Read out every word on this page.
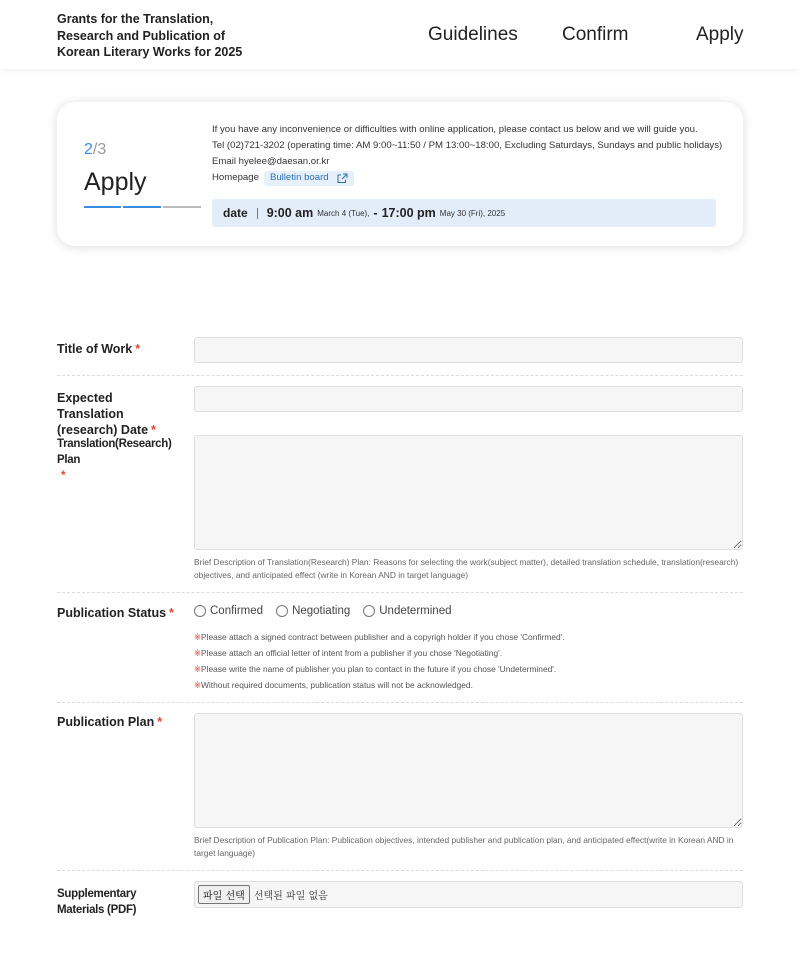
Grants for the Translation, Research and Publication of Korean Literary Works for 2025
Guidelines Confirm	Apply
2/3
Apply
If you have any inconvenience or difficulties with online application, please contact us below and we will guide you.
Tel (02)721-3202 (operating time: AM 9:00~11:50 / PM 13:00~18:00, Excluding Saturdays, Sundays and public holidays)
Email hyelee@daesan.or.kr
Homepage Bulletin board
date 9:00 am March 4 (Tue), - 17:00 pm May 30 (Fri), 2025
Title of Work *
Expected Translation (research) Date *
Translation(Research) Plan
*
Brief Description of Translation(Research) Plan: Reasons for selecting the work(subject matter), detailed translation schedule, translation(research) objectives, and anticipated effect (write in Korean AND in target language)
Publication Status *	Confirmed	Negotiating	Undetermined
※Please attach a signed contract between publisher and a copyrigh holder if you chose 'Confirmed'.
※Please attach an official letter of intent from a publisher if you chose 'Negotiating'.
※Please write the name of publisher you plan to contact in the future if you chose 'Undetermined'.
※Without required documents, publication status will not be acknowledged.
Publication Plan *
Brief Description of Publication Plan: Publication objectives, intended publisher and publication plan, and anticipated effect(write in Korean AND in target language)
Supplementary Materials (PDF)
파일 선택 선택된 파일 없음
